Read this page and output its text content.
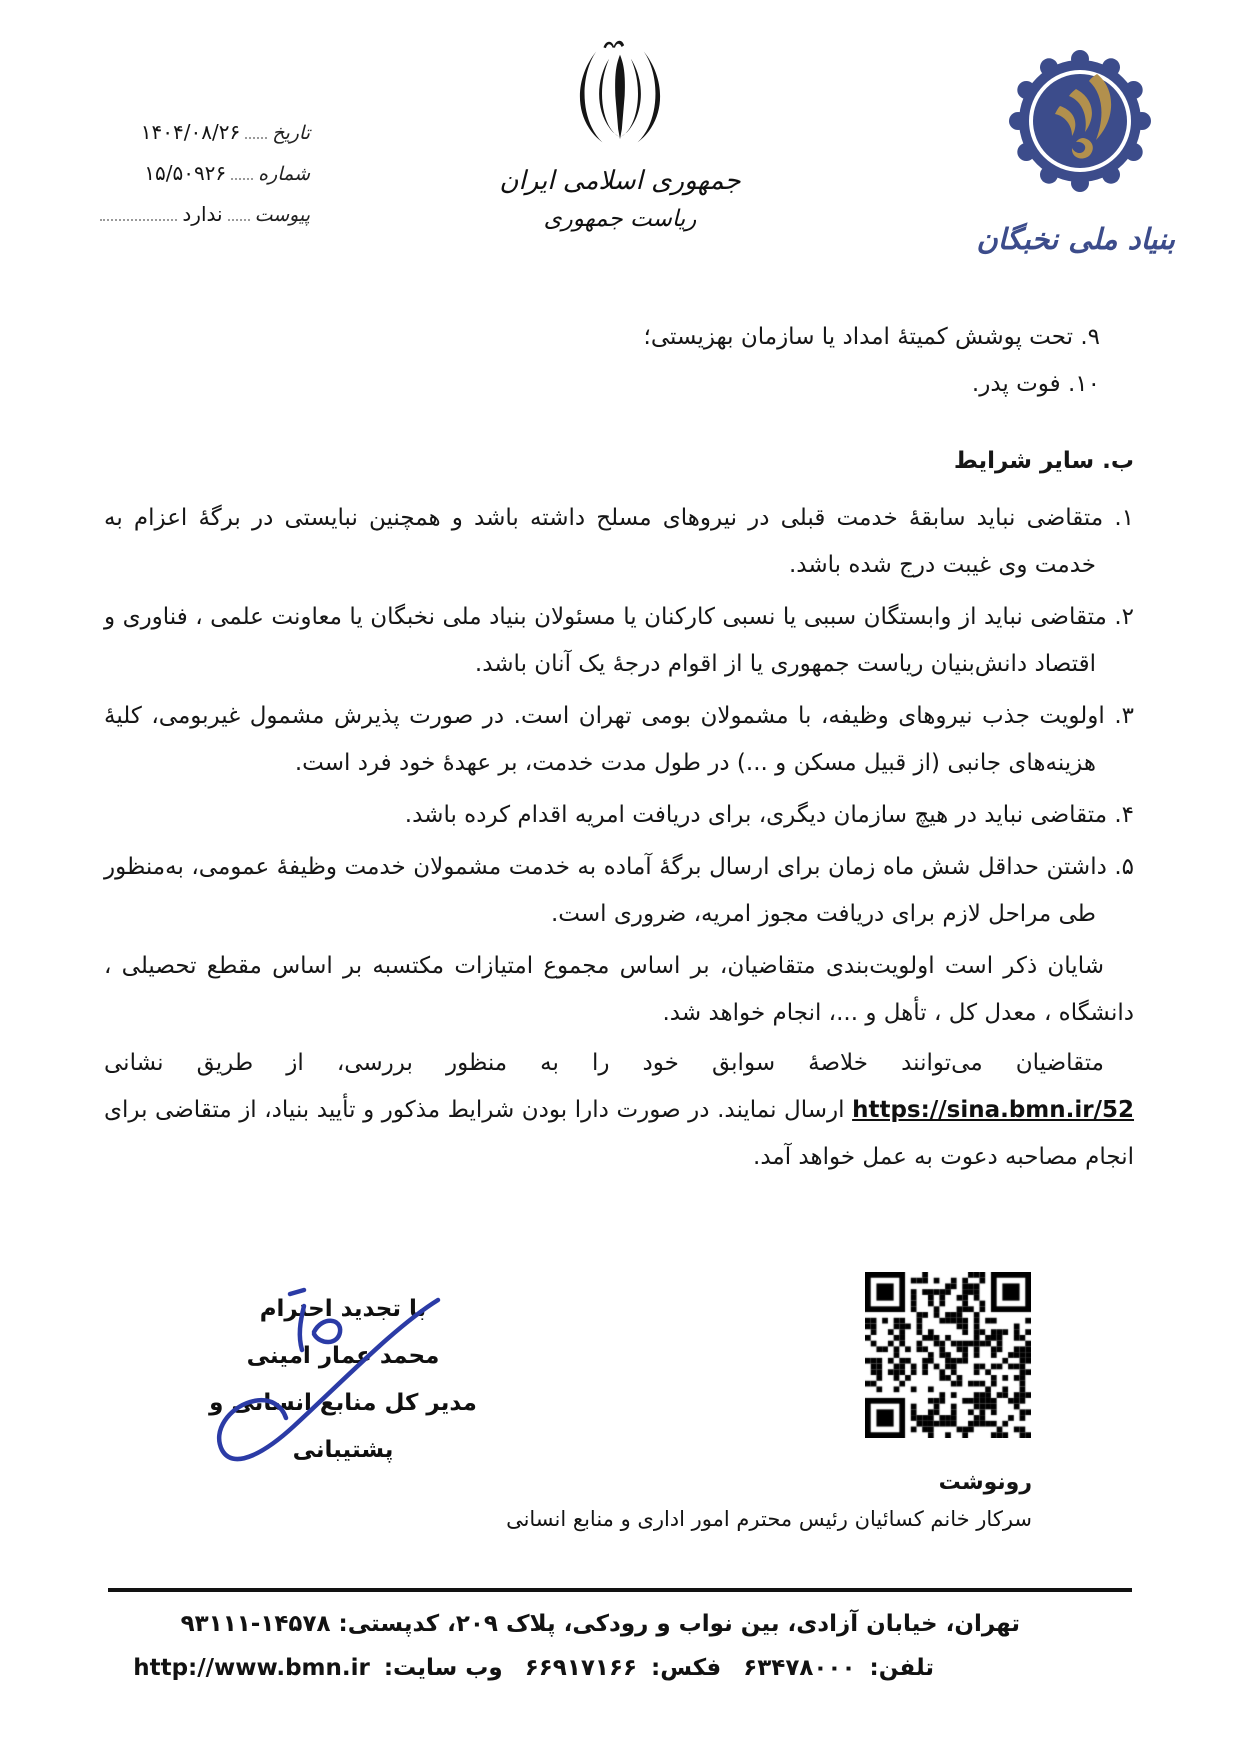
تاریخ
۱۴۰۴/۰۸/۲۶
شماره
۱۵/۵۰۹۲۶
پیوست
ندارد
جمهوری اسلامی ایران
ریاست جمهوری
بنیاد ملی نخبگان
۹. تحت پوشش کمیتهٔ امداد یا سازمان بهزیستی؛
۱۰. فوت پدر.
ب. سایر شرایط
۱. متقاضی نباید سابقهٔ خدمت قبلی در نیروهای مسلح داشته باشد و همچنین نبایستی در برگهٔ اعزام به خدمت وی غیبت درج شده باشد.
۲. متقاضی نباید از وابستگان سببی یا نسبی کارکنان یا مسئولان بنیاد ملی نخبگان یا معاونت علمی ، فناوری و اقتصاد دانش‌بنیان ریاست جمهوری یا از اقوام درجهٔ یک آنان باشد.
۳. اولویت جذب نیروهای وظیفه، با مشمولان بومی تهران است. در صورت پذیرش مشمول غیربومی، کلیهٔ هزینه‌های جانبی (از قبیل مسکن و ...) در طول مدت خدمت، بر عهدهٔ خود فرد است.
۴. متقاضی نباید در هیچ سازمان دیگری، برای دریافت امریه اقدام کرده باشد.
۵. داشتن حداقل شش ماه زمان برای ارسال برگهٔ آماده به خدمت مشمولان خدمت وظیفهٔ عمومی، به‌منظور طی مراحل لازم برای دریافت مجوز امریه، ضروری است.
شایان ذکر است اولویت‌بندی متقاضیان، بر اساس مجموع امتیازات مکتسبه بر اساس مقطع تحصیلی ، دانشگاه ، معدل کل ، تأهل و ...، انجام خواهد شد.
متقاضیان می‌توانند خلاصهٔ سوابق خود را به منظور بررسی، از طریق نشانی https://sina.bmn.ir/52 ارسال نمایند. در صورت دارا بودن شرایط مذکور و تأیید بنیاد، از متقاضی برای انجام مصاحبه دعوت به عمل خواهد آمد.
با تجدید احترام
محمد عمار امینی
مدیر کل منابع انسانی و پشتیبانی
رونوشت
سرکار خانم کسائیان رئیس محترم امور اداری و منابع انسانی
تهران، خیابان آزادی، بین نواب و رودکی، پلاک ۲۰۹، کدپستی: ۱۴۵۷۸-۹۳۱۱۱
تلفن:۶۳۴۷۸۰۰۰ فکس:۶۶۹۱۷۱۶۶ وب سایت:http://www.bmn.ir
